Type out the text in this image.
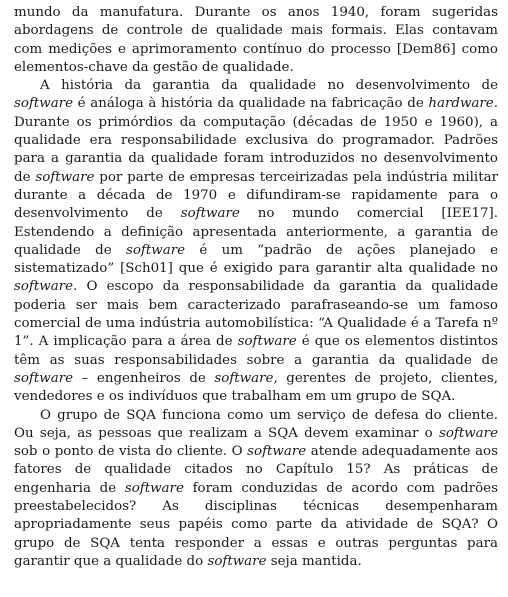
mundo da manufatura. Durante os anos 1940, foram sugeridas abordagens de controle de qualidade mais formais. Elas contavam com medições e aprimoramento contínuo do processo [Dem86] como elementos-chave da gestão de qualidade.

A história da garantia da qualidade no desenvolvimento de software é análoga à história da qualidade na fabricação de hardware. Durante os primórdios da computação (décadas de 1950 e 1960), a qualidade era responsabilidade exclusiva do programador. Padrões para a garantia da qualidade foram introduzidos no desenvolvimento de software por parte de empresas terceirizadas pela indústria militar durante a década de 1970 e difundiram-se rapidamente para o desenvolvimento de software no mundo comercial [IEE17]. Estendendo a definição apresentada anteriormente, a garantia de qualidade de software é um “padrão de ações planejado e sistematizado” [Sch01] que é exigido para garantir alta qualidade no software. O escopo da responsabilidade da garantia da qualidade poderia ser mais bem caracterizado parafraseando-se um famoso comercial de uma indústria automobilística: “A Qualidade é a Tarefa nº 1”. A implicação para a área de software é que os elementos distintos têm as suas responsabilidades sobre a garantia da qualidade de software – engenheiros de software, gerentes de projeto, clientes, vendedores e os indivíduos que trabalham em um grupo de SQA.

O grupo de SQA funciona como um serviço de defesa do cliente. Ou seja, as pessoas que realizam a SQA devem examinar o software sob o ponto de vista do cliente. O software atende adequadamente aos fatores de qualidade citados no Capítulo 15? As práticas de engenharia de software foram conduzidas de acordo com padrões preestabelecidos? As disciplinas técnicas desempenharam apropriadamente seus papéis como parte da atividade de SQA? O grupo de SQA tenta responder a essas e outras perguntas para garantir que a qualidade do software seja mantida.
